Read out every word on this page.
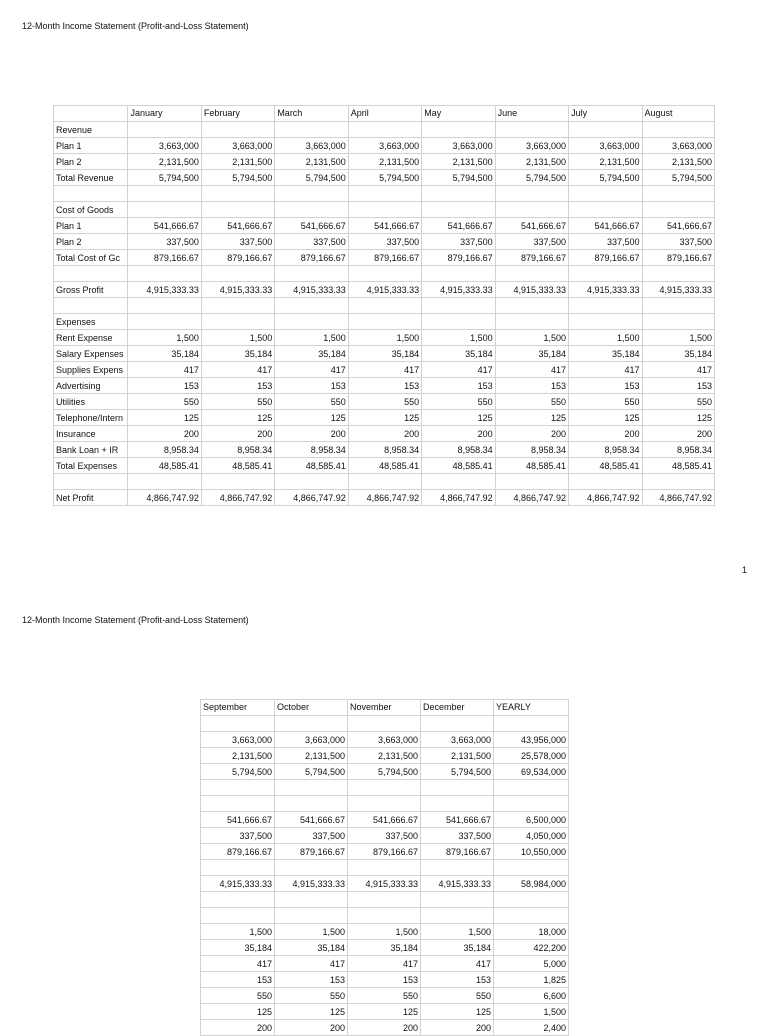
12-Month Income Statement (Profit-and-Loss Statement)
	January	February	March	April	May	June	July	August
Revenue								
Plan 1	3,663,000	3,663,000	3,663,000	3,663,000	3,663,000	3,663,000	3,663,000	3,663,000
Plan 2	2,131,500	2,131,500	2,131,500	2,131,500	2,131,500	2,131,500	2,131,500	2,131,500
Total Revenue	5,794,500	5,794,500	5,794,500	5,794,500	5,794,500	5,794,500	5,794,500	5,794,500

Cost of Goods								
Plan 1	541,666.67	541,666.67	541,666.67	541,666.67	541,666.67	541,666.67	541,666.67	541,666.67
Plan 2	337,500	337,500	337,500	337,500	337,500	337,500	337,500	337,500
Total Cost of Gc	879,166.67	879,166.67	879,166.67	879,166.67	879,166.67	879,166.67	879,166.67	879,166.67

Gross Profit	4,915,333.33	4,915,333.33	4,915,333.33	4,915,333.33	4,915,333.33	4,915,333.33	4,915,333.33	4,915,333.33

Expenses								
Rent Expense	1,500	1,500	1,500	1,500	1,500	1,500	1,500	1,500
Salary Expenses	35,184	35,184	35,184	35,184	35,184	35,184	35,184	35,184
Supplies Expens	417	417	417	417	417	417	417	417
Advertising	153	153	153	153	153	153	153	153
Utilities	550	550	550	550	550	550	550	550
Telephone/Intern	125	125	125	125	125	125	125	125
Insurance	200	200	200	200	200	200	200	200
Bank Loan + IR	8,958.34	8,958.34	8,958.34	8,958.34	8,958.34	8,958.34	8,958.34	8,958.34
Total Expenses	48,585.41	48,585.41	48,585.41	48,585.41	48,585.41	48,585.41	48,585.41	48,585.41

Net Profit	4,866,747.92	4,866,747.92	4,866,747.92	4,866,747.92	4,866,747.92	4,866,747.92	4,866,747.92	4,866,747.92
1
12-Month Income Statement (Profit-and-Loss Statement)
September	October	November	December	YEARLY

3,663,000	3,663,000	3,663,000	3,663,000	43,956,000
2,131,500	2,131,500	2,131,500	2,131,500	25,578,000
5,794,500	5,794,500	5,794,500	5,794,500	69,534,000

541,666.67	541,666.67	541,666.67	541,666.67	6,500,000
337,500	337,500	337,500	337,500	4,050,000
879,166.67	879,166.67	879,166.67	879,166.67	10,550,000

4,915,333.33	4,915,333.33	4,915,333.33	4,915,333.33	58,984,000

1,500	1,500	1,500	1,500	18,000
35,184	35,184	35,184	35,184	422,200
417	417	417	417	5,000
153	153	153	153	1,825
550	550	550	550	6,600
125	125	125	125	1,500
200	200	200	200	2,400
